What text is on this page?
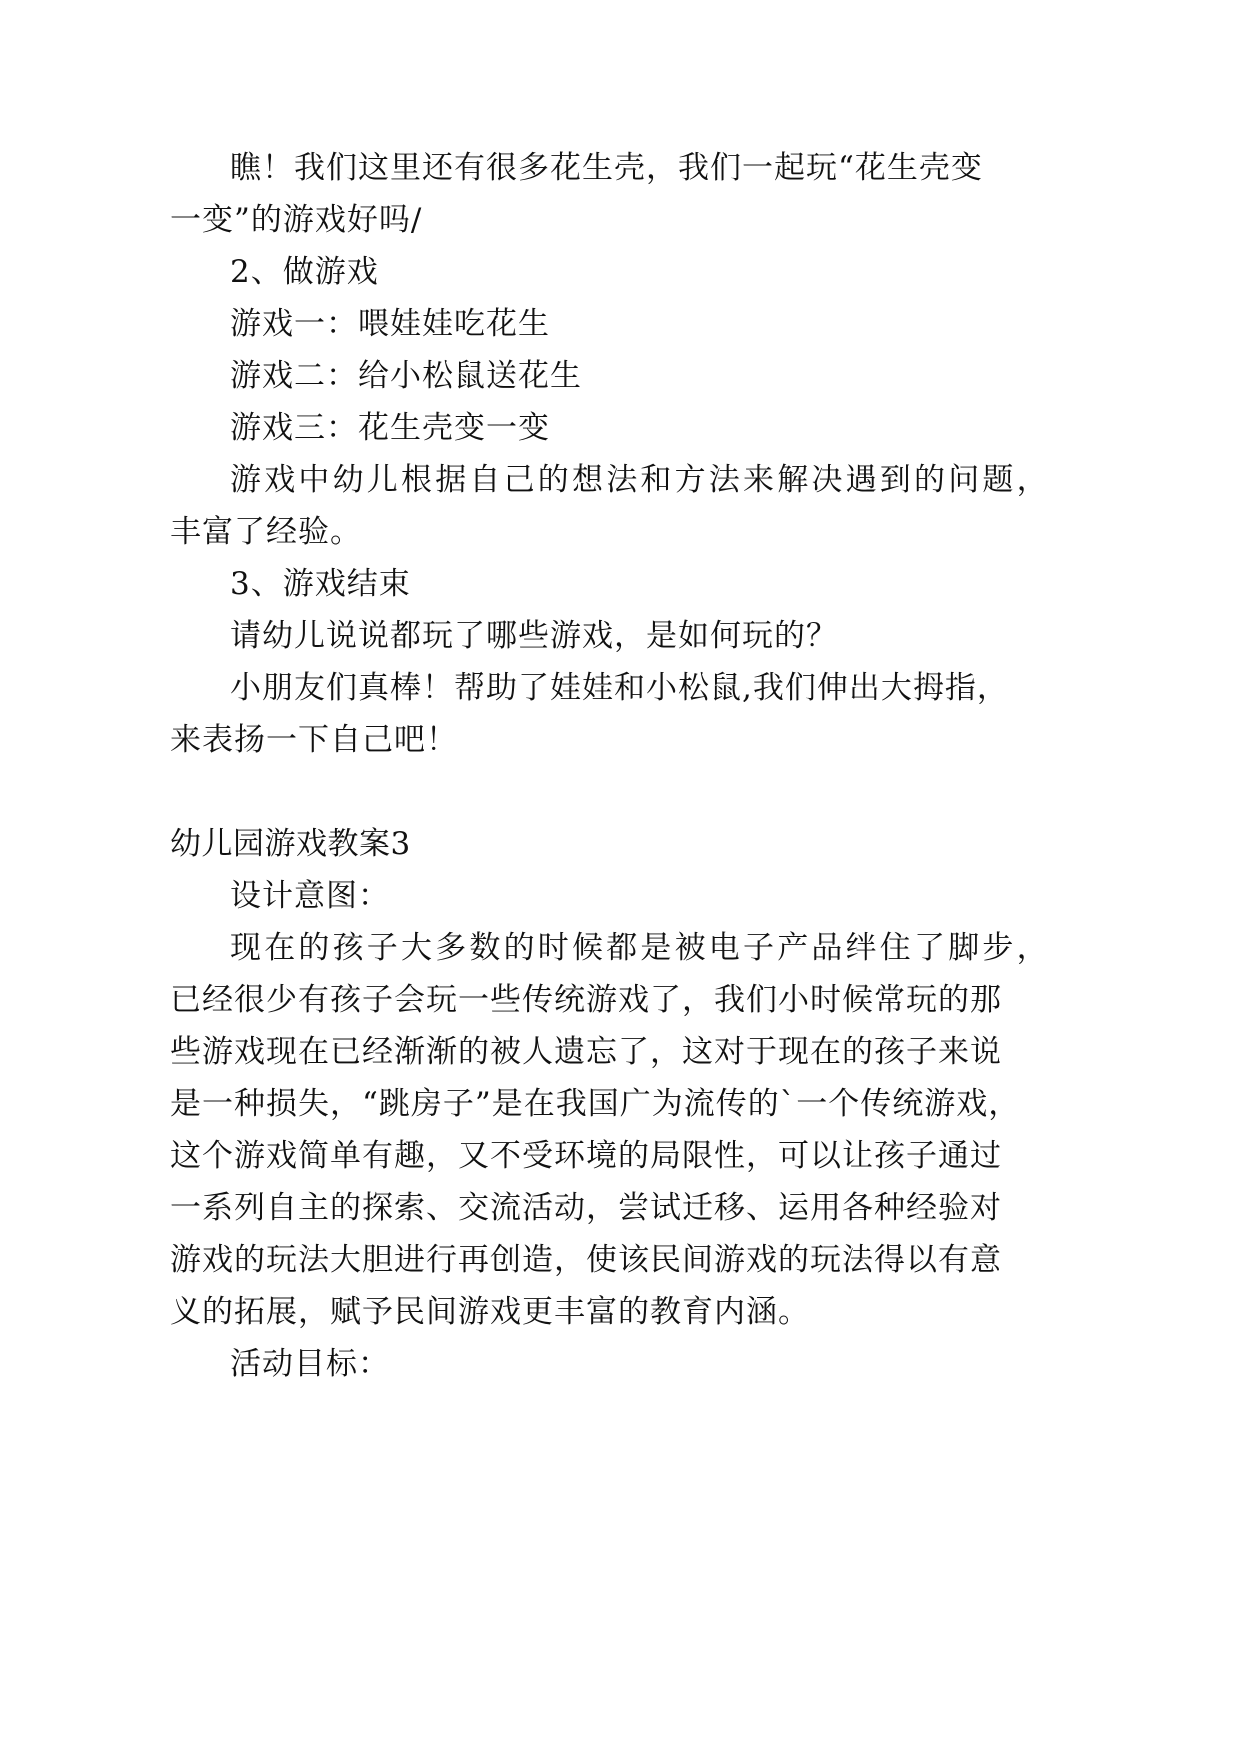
瞧！我们这里还有很多花生壳，我们一起玩“花生壳变
一变”的游戏好吗/
2、做游戏
游戏一：喂娃娃吃花生
游戏二：给小松鼠送花生
游戏三：花生壳变一变
游戏中幼儿根据自己的想法和方法来解决遇到的问题，
丰富了经验。
3、游戏结束
请幼儿说说都玩了哪些游戏，是如何玩的？
小朋友们真棒！帮助了娃娃和小松鼠,我们伸出大拇指，
来表扬一下自己吧！
幼儿园游戏教案3
设计意图：
现在的孩子大多数的时候都是被电子产品绊住了脚步，
已经很少有孩子会玩一些传统游戏了，我们小时候常玩的那
些游戏现在已经渐渐的被人遗忘了，这对于现在的孩子来说
是一种损失，“跳房子”是在我国广为流传的`一个传统游戏，
这个游戏简单有趣，又不受环境的局限性，可以让孩子通过
一系列自主的探索、交流活动，尝试迁移、运用各种经验对
游戏的玩法大胆进行再创造，使该民间游戏的玩法得以有意
义的拓展，赋予民间游戏更丰富的教育内涵。
活动目标：
